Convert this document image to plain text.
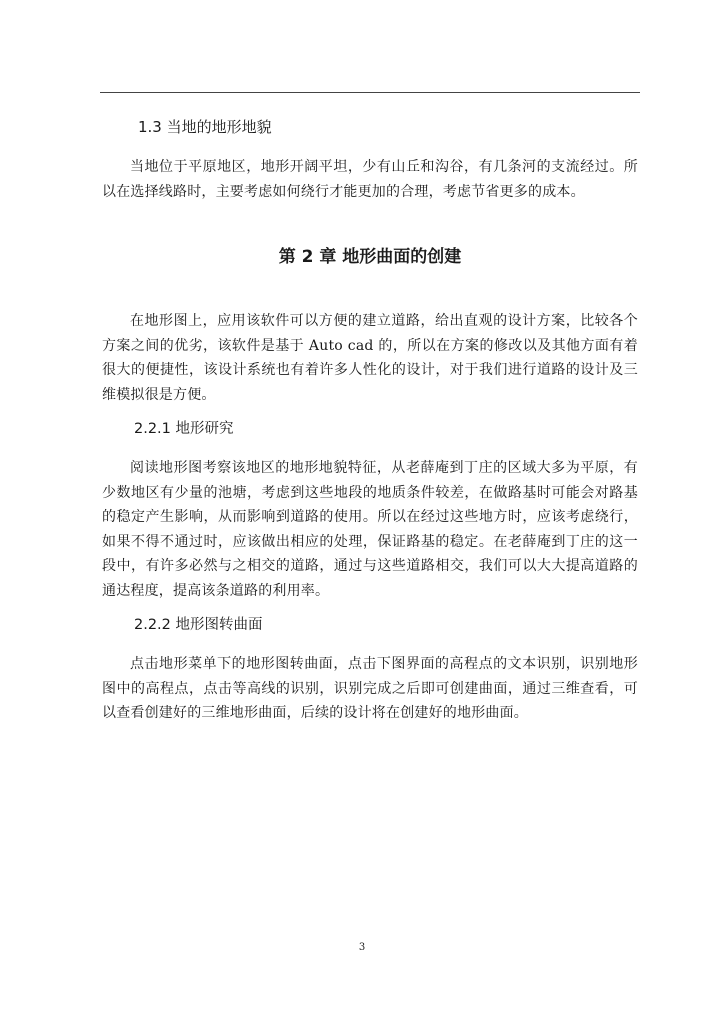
1.3 当地的地形地貌

当地位于平原地区，地形开阔平坦，少有山丘和沟谷，有几条河的支流经过。所以在选择线路时，主要考虑如何绕行才能更加的合理，考虑节省更多的成本。

第 2 章 地形曲面的创建

在地形图上，应用该软件可以方便的建立道路，给出直观的设计方案，比较各个方案之间的优劣，该软件是基于 Auto cad 的，所以在方案的修改以及其他方面有着很大的便捷性，该设计系统也有着许多人性化的设计，对于我们进行道路的设计及三维模拟很是方便。

2.2.1 地形研究

阅读地形图考察该地区的地形地貌特征，从老薛庵到丁庄的区域大多为平原，有少数地区有少量的池塘，考虑到这些地段的地质条件较差，在做路基时可能会对路基的稳定产生影响，从而影响到道路的使用。所以在经过这些地方时，应该考虑绕行，如果不得不通过时，应该做出相应的处理，保证路基的稳定。在老薛庵到丁庄的这一段中，有许多必然与之相交的道路，通过与这些道路相交，我们可以大大提高道路的通达程度，提高该条道路的利用率。

2.2.2 地形图转曲面

点击地形菜单下的地形图转曲面，点击下图界面的高程点的文本识别，识别地形图中的高程点，点击等高线的识别，识别完成之后即可创建曲面，通过三维查看，可以查看创建好的三维地形曲面，后续的设计将在创建好的地形曲面。

3
